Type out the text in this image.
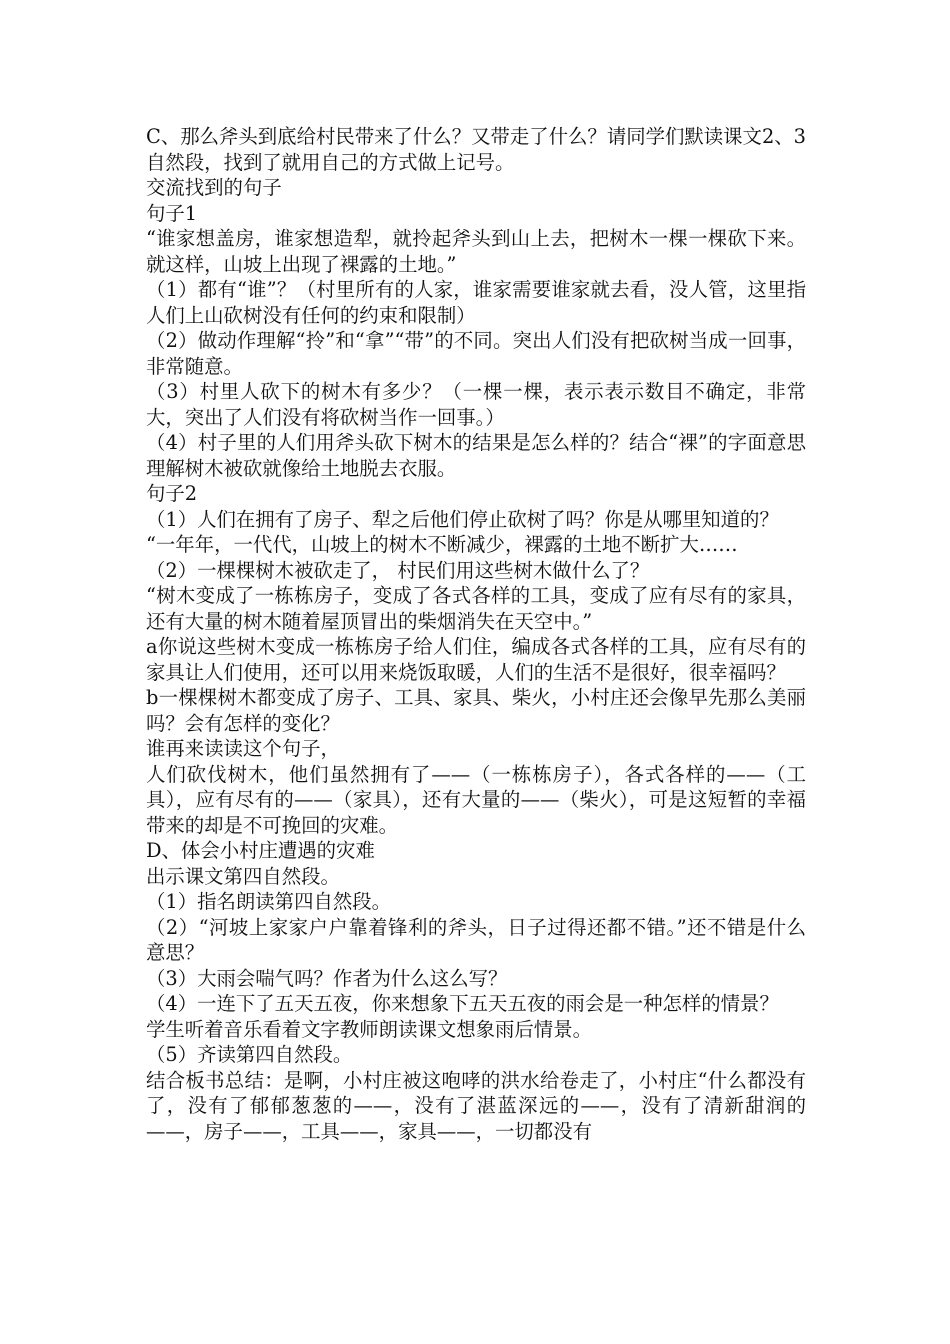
C、那么斧头到底给村民带来了什么？又带走了什么？请同学们默读课文2、3自然段，找到了就用自己的方式做上记号。

交流找到的句子

句子1

“谁家想盖房，谁家想造犁，就拎起斧头到山上去，把树木一棵一棵砍下来。就这样，山坡上出现了裸露的土地。”

（1）都有“谁”？（村里所有的人家，谁家需要谁家就去看，没人管，这里指人们上山砍树没有任何的约束和限制）

（2）做动作理解“拎”和“拿”“带”的不同。突出人们没有把砍树当成一回事，非常随意。

（3）村里人砍下的树木有多少？（一棵一棵，表示表示数目不确定，非常大，突出了人们没有将砍树当作一回事。）

（4）村子里的人们用斧头砍下树木的结果是怎么样的？结合“裸”的字面意思理解树木被砍就像给土地脱去衣服。

句子2

（1）人们在拥有了房子、犁之后他们停止砍树了吗？你是从哪里知道的？

“一年年，一代代，山坡上的树木不断减少，裸露的土地不断扩大……

（2）一棵棵树木被砍走了， 村民们用这些树木做什么了？

“树木变成了一栋栋房子，变成了各式各样的工具，变成了应有尽有的家具，还有大量的树木随着屋顶冒出的柴烟消失在天空中。”

a你说这些树木变成一栋栋房子给人们住，编成各式各样的工具，应有尽有的家具让人们使用，还可以用来烧饭取暖，人们的生活不是很好，很幸福吗？

b一棵棵树木都变成了房子、工具、家具、柴火，小村庄还会像早先那么美丽吗？会有怎样的变化？

谁再来读读这个句子，

人们砍伐树木，他们虽然拥有了——（一栋栋房子），各式各样的——（工具），应有尽有的——（家具），还有大量的——（柴火），可是这短暂的幸福带来的却是不可挽回的灾难。

D、体会小村庄遭遇的灾难

出示课文第四自然段。

（1）指名朗读第四自然段。

（2）“河坡上家家户户靠着锋利的斧头，日子过得还都不错。”还不错是什么意思？

（3）大雨会喘气吗？作者为什么这么写？

（4）一连下了五天五夜，你来想象下五天五夜的雨会是一种怎样的情景？

学生听着音乐看着文字教师朗读课文想象雨后情景。

（5）齐读第四自然段。

结合板书总结：是啊，小村庄被这咆哮的洪水给卷走了，小村庄“什么都没有了，没有了郁郁葱葱的——，没有了湛蓝深远的——，没有了清新甜润的——，房子——，工具——，家具——，一切都没有
